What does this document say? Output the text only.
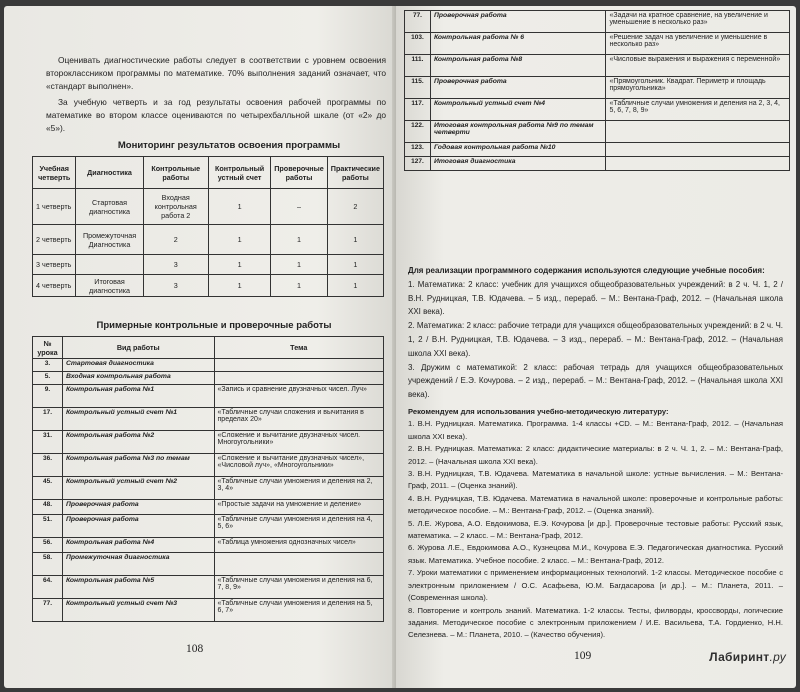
Оценивать диагностические работы следует в соответствии с уровнем освоения второклассником программы по математике. 70% выполнения заданий означает, что «стандарт выполнен».

За учебную четверть и за год результаты освоения рабочей программы по математике во втором классе оцениваются по четырехбалльной шкале (от «2» до «5»).

Мониторинг результатов освоения программы
Учебная четверть	Диагностика	Контрольные работы	Контрольный устный счет	Проверочные работы	Практические работы
1 четверть	Стартовая диагностика	Входная контрольная работа 2	1	–	2
2 четверть	Промежуточная Диагностика	2	1	1	1
3 четверть		3	1	1	1
4 четверть	Итоговая диагностика	3	1	1	1
Примерные контрольные и проверочные работы
№ урока	Вид работы	Тема
3.	Стартовая диагностика	
5.	Входная контрольная работа	
9.	Контрольная работа №1	«Запись и сравнение двузначных чисел. Луч»
17.	Контрольный устный счет №1	«Табличные случаи сложения и вычитания в пределах 20»
31.	Контрольная работа №2	«Сложение и вычитание двузначных чисел. Многоугольники»
36.	Контрольная работа №3 по темам	«Сложение и вычитание двузначных чисел», «Числовой луч», «Многоугольники»
45.	Контрольный устный счет №2	«Табличные случаи умножения и деления на 2, 3, 4»
48.	Проверочная работа	«Простые задачи на умножение и деление»
51.	Проверочная работа	«Табличные случаи умножения и деления на 4, 5, 6»
56.	Контрольная работа №4	«Таблица умножения однозначных чисел»
58.	Промежуточная диагностика	
64.	Контрольная работа №5	«Табличные случаи умножения и деления на 6, 7, 8, 9»
77.	Контрольный устный счет №3	«Табличные случаи умножения и деления на 5, 6, 7»
108
77.	Проверочная работа	«Задачи на кратное сравнение, на увеличение и уменьшение в несколько раз»
103.	Контрольная работа № 6	«Решение задач на увеличение и уменьшение в несколько раз»
111.	Контрольная работа №8	«Числовые выражения и выражения с переменной»
115.	Проверочная работа	«Прямоугольник. Квадрат. Периметр и площадь прямоугольника»
117.	Контрольный устный счет №4	«Табличные случаи умножения и деления на 2, 3, 4, 5, 6, 7, 8, 9»
122.	Итоговая контрольная работа №9 по темам четверти	
123.	Годовая контрольная работа №10	
127.	Итоговая диагностика	

Для реализации программного содержания используются следующие учебные пособия:

1. Математика: 2 класс: учебник для учащихся общеобразовательных учреждений: в 2 ч. Ч. 1, 2 / В.Н. Рудницкая, Т.В. Юдачева. – 5 изд., перераб. – М.: Вентана-Граф, 2012. – (Начальная школа XXI века).

2. Математика: 2 класс: рабочие тетради для учащихся общеобразовательных учреждений: в 2 ч. Ч. 1, 2 / В.Н. Рудницкая, Т.В. Юдачева. – 3 изд., перераб. – М.: Вентана-Граф, 2012. – (Начальная школа XXI века).

3. Дружим с математикой: 2 класс: рабочая тетрадь для учащихся общеобразовательных учреждений / Е.Э. Кочурова. – 2 изд., перераб. – М.: Вентана-Граф, 2012. – (Начальная школа XXI века).

Рекомендуем для использования учебно-методическую литературу:

1. В.Н. Рудницкая. Математика. Программа. 1-4 классы +CD. – М.: Вентана-Граф, 2012. – (Начальная школа XXI века).

2. В.Н. Рудницкая. Математика: 2 класс: дидактические материалы: в 2 ч. Ч. 1, 2. – М.: Вентана-Граф, 2012. – (Начальная школа XXI века).

3. В.Н. Рудницкая, Т.В. Юдачева. Математика в начальной школе: устные вычисления. – М.: Вентана-Граф, 2011. – (Оценка знаний).

4. В.Н. Рудницкая, Т.В. Юдачева. Математика в начальной школе: проверочные и контрольные работы: методическое пособие. – М.: Вентана-Граф, 2012. – (Оценка знаний).

5. Л.Е. Журова, А.О. Евдокимова, Е.Э. Кочурова [и др.]. Проверочные тестовые работы: Русский язык, математика. – 2 класс. – М.: Вентана-Граф, 2012.

6. Журова Л.Е., Евдокимова А.О., Кузнецова М.И., Кочурова Е.Э. Педагогическая диагностика. Русский язык. Математика. Учебное пособие. 2 класс. – М.: Вентана-Граф, 2012.

7. Уроки математики с применением информационных технологий. 1-2 классы. Методическое пособие с электронным приложением / О.С. Асафьева, Ю.М. Багдасарова [и др.]. – М.: Планета, 2011. – (Современная школа).

8. Повторение и контроль знаний. Математика. 1-2 классы. Тесты, филворды, кроссворды, логические задания. Методическое пособие с электронным приложением / И.Е. Васильева, Т.А. Гордиенко, Н.Н. Селезнева. – М.: Планета, 2010. – (Качество обучения).

109	Лабиринт.ру
